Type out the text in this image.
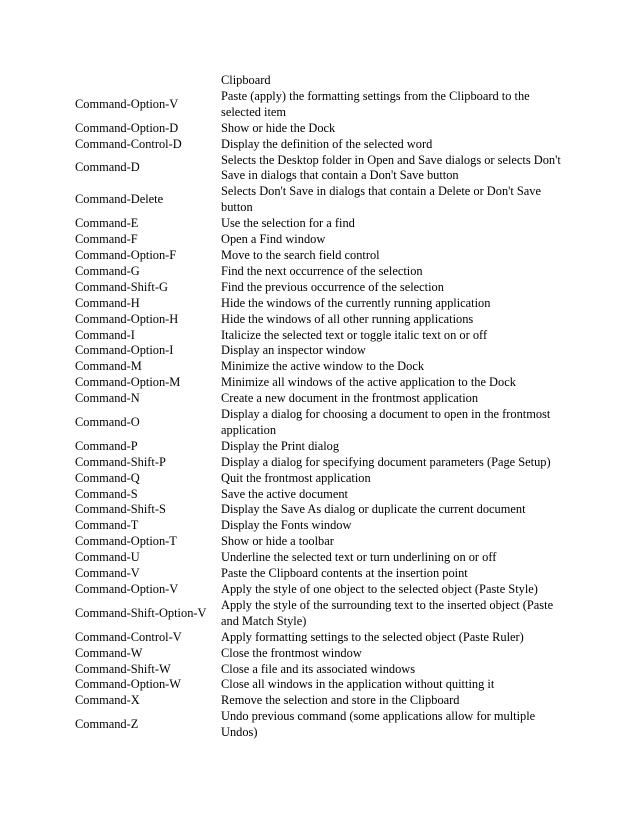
	Clipboard
Command-Option-V	Paste (apply) the formatting settings from the Clipboard to the selected item
Command-Option-D	Show or hide the Dock
Command-Control-D	Display the definition of the selected word
Command-D	Selects the Desktop folder in Open and Save dialogs or selects Don't Save in dialogs that contain a Don't Save button
Command-Delete	Selects Don't Save in dialogs that contain a Delete or Don't Save button
Command-E	Use the selection for a find
Command-F	Open a Find window
Command-Option-F	Move to the search field control
Command-G	Find the next occurrence of the selection
Command-Shift-G	Find the previous occurrence of the selection
Command-H	Hide the windows of the currently running application
Command-Option-H	Hide the windows of all other running applications
Command-I	Italicize the selected text or toggle italic text on or off
Command-Option-I	Display an inspector window
Command-M	Minimize the active window to the Dock
Command-Option-M	Minimize all windows of the active application to the Dock
Command-N	Create a new document in the frontmost application
Command-O	Display a dialog for choosing a document to open in the frontmost application
Command-P	Display the Print dialog
Command-Shift-P	Display a dialog for specifying document parameters (Page Setup)
Command-Q	Quit the frontmost application
Command-S	Save the active document
Command-Shift-S	Display the Save As dialog or duplicate the current document
Command-T	Display the Fonts window
Command-Option-T	Show or hide a toolbar
Command-U	Underline the selected text or turn underlining on or off
Command-V	Paste the Clipboard contents at the insertion point
Command-Option-V	Apply the style of one object to the selected object (Paste Style)
Command-Shift-Option-V	Apply the style of the surrounding text to the inserted object (Paste and Match Style)
Command-Control-V	Apply formatting settings to the selected object (Paste Ruler)
Command-W	Close the frontmost window
Command-Shift-W	Close a file and its associated windows
Command-Option-W	Close all windows in the application without quitting it
Command-X	Remove the selection and store in the Clipboard
Command-Z	Undo previous command (some applications allow for multiple Undos)
